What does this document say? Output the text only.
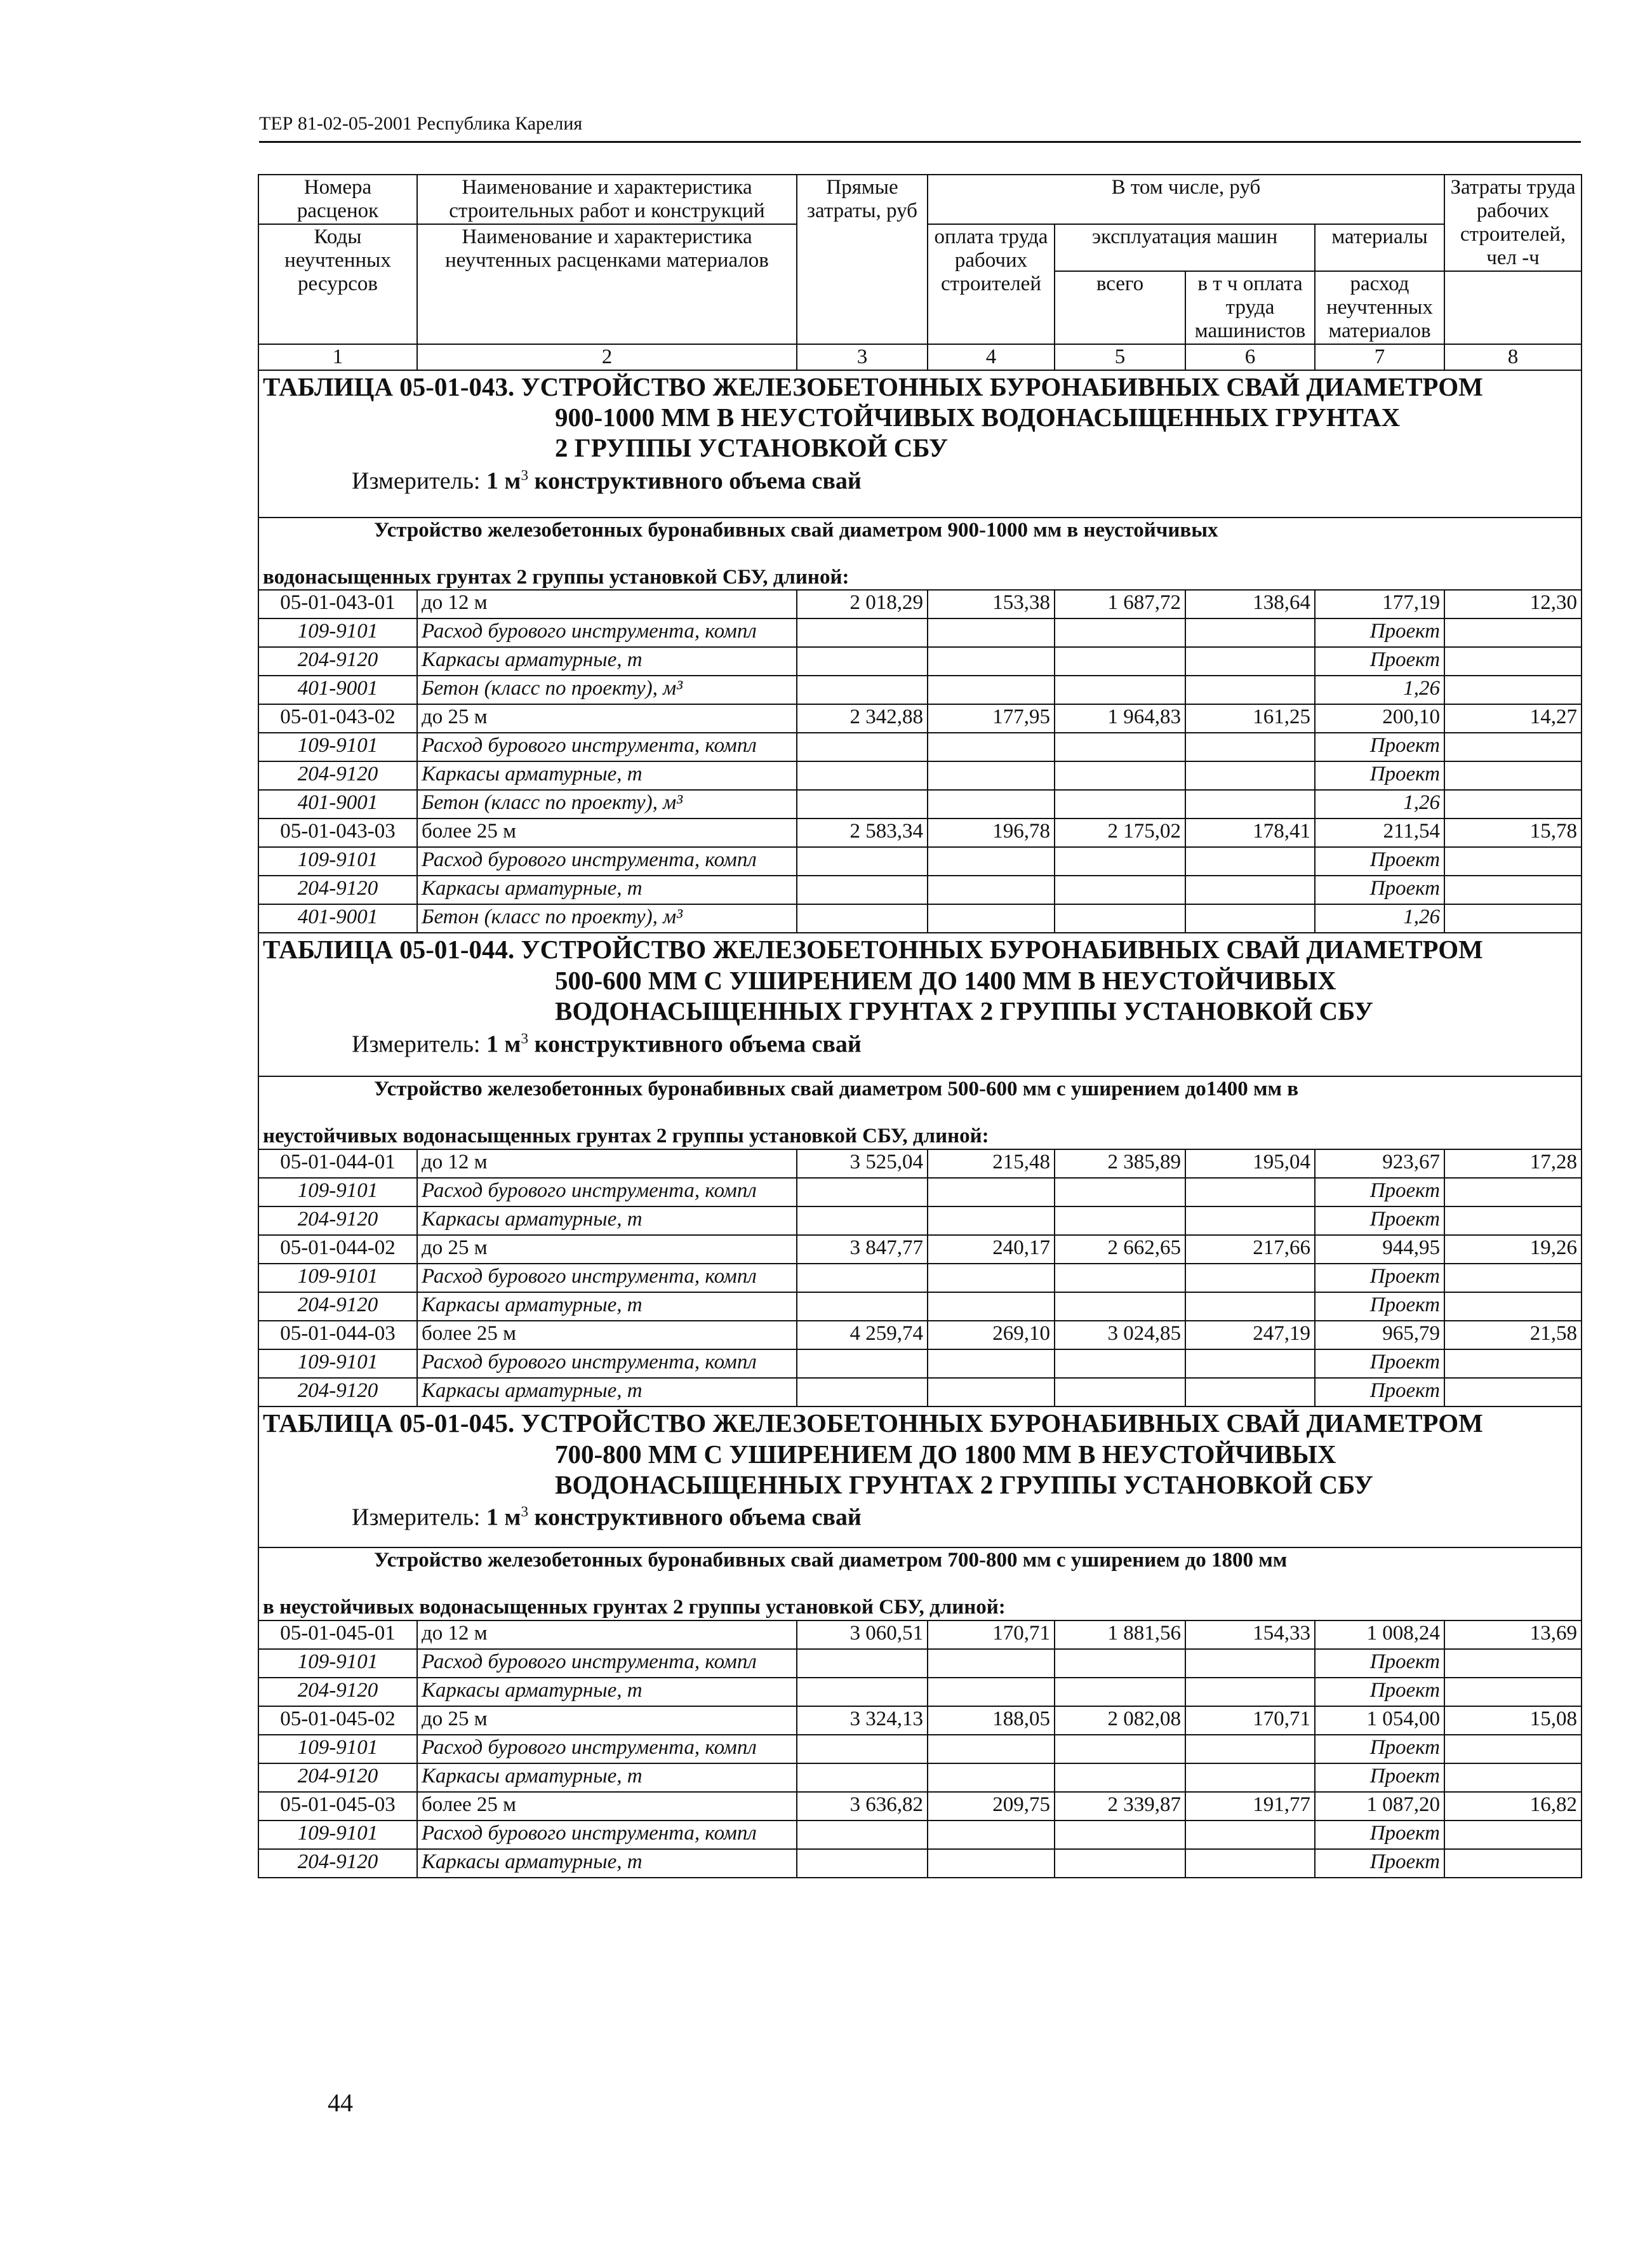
ТЕР 81-02-05-2001 Республика Карелия
Номера расценок	Наименование и характеристика строительных работ и конструкций	Прямые затраты, руб	В том числе, руб				Затраты труда рабочих строителей, чел -ч
Коды неучтенных ресурсов	Наименование и характеристика неучтенных расценками материалов		оплата труда рабочих строителей	эксплуатация машин		материалы	
				всего	в т ч оплата труда машинистов	расход неучтенных материалов	
1	2	3	4	5	6	7	8

ТАБЛИЦА 05-01-043. УСТРОЙСТВО ЖЕЛЕЗОБЕТОННЫХ БУРОНАБИВНЫХ СВАЙ ДИАМЕТРОМ
900-1000 ММ В НЕУСТОЙЧИВЫХ ВОДОНАСЫЩЕННЫХ ГРУНТАХ
2 ГРУППЫ УСТАНОВКОЙ СБУ
Измеритель: 1 $м^3$ конструктивного объема свай							

Устройство железобетонных буронабивных свай диаметром 900-1000 мм в неустойчивых

водонасыщенных грунтах 2 группы установкой СБУ, длиной:							
05-01-043-01	до 12 м	2 018,29	153,38	1 687,72	138,64	177,19	12,30
109-9101	Расход бурового инструмента, компл					Проект	
204-9120	Каркасы арматурные, т					Проект	
401-9001	Бетон (класс по проекту), м³					1,26	
05-01-043-02	до 25 м	2 342,88	177,95	1 964,83	161,25	200,10	14,27
109-9101	Расход бурового инструмента, компл					Проект	
204-9120	Каркасы арматурные, т					Проект	
401-9001	Бетон (класс по проекту), м³					1,26	
05-01-043-03	более 25 м	2 583,34	196,78	2 175,02	178,41	211,54	15,78
109-9101	Расход бурового инструмента, компл					Проект	
204-9120	Каркасы арматурные, т					Проект	
401-9001	Бетон (класс по проекту), м³					1,26	

ТАБЛИЦА 05-01-044. УСТРОЙСТВО ЖЕЛЕЗОБЕТОННЫХ БУРОНАБИВНЫХ СВАЙ ДИАМЕТРОМ
500-600 ММ С УШИРЕНИЕМ ДО 1400 ММ В НЕУСТОЙЧИВЫХ
ВОДОНАСЫЩЕННЫХ ГРУНТАХ 2 ГРУППЫ УСТАНОВКОЙ СБУ
Измеритель: 1 $м^3$ конструктивного объема свай							

Устройство железобетонных буронабивных свай диаметром 500-600 мм с уширением до1400 мм в

неустойчивых водонасыщенных грунтах 2 группы установкой СБУ, длиной:							
05-01-044-01	до 12 м	3 525,04	215,48	2 385,89	195,04	923,67	17,28
109-9101	Расход бурового инструмента, компл					Проект	
204-9120	Каркасы арматурные, т					Проект	
05-01-044-02	до 25 м	3 847,77	240,17	2 662,65	217,66	944,95	19,26
109-9101	Расход бурового инструмента, компл					Проект	
204-9120	Каркасы арматурные, т					Проект	
05-01-044-03	более 25 м	4 259,74	269,10	3 024,85	247,19	965,79	21,58
109-9101	Расход бурового инструмента, компл					Проект	
204-9120	Каркасы арматурные, т					Проект	

ТАБЛИЦА 05-01-045. УСТРОЙСТВО ЖЕЛЕЗОБЕТОННЫХ БУРОНАБИВНЫХ СВАЙ ДИАМЕТРОМ
700-800 ММ С УШИРЕНИЕМ ДО 1800 ММ В НЕУСТОЙЧИВЫХ
ВОДОНАСЫЩЕННЫХ ГРУНТАХ 2 ГРУППЫ УСТАНОВКОЙ СБУ
Измеритель: 1 $м^3$ конструктивного объема свай							

Устройство железобетонных буронабивных свай диаметром 700-800 мм с уширением до 1800 мм

в неустойчивых водонасыщенных грунтах 2 группы установкой СБУ, длиной:							
05-01-045-01	до 12 м	3 060,51	170,71	1 881,56	154,33	1 008,24	13,69
109-9101	Расход бурового инструмента, компл					Проект	
204-9120	Каркасы арматурные, т					Проект	
05-01-045-02	до 25 м	3 324,13	188,05	2 082,08	170,71	1 054,00	15,08
109-9101	Расход бурового инструмента, компл					Проект	
204-9120	Каркасы арматурные, т					Проект	
05-01-045-03	более 25 м	3 636,82	209,75	2 339,87	191,77	1 087,20	16,82
109-9101	Расход бурового инструмента, компл					Проект	
204-9120	Каркасы арматурные, т					Проект	
44
